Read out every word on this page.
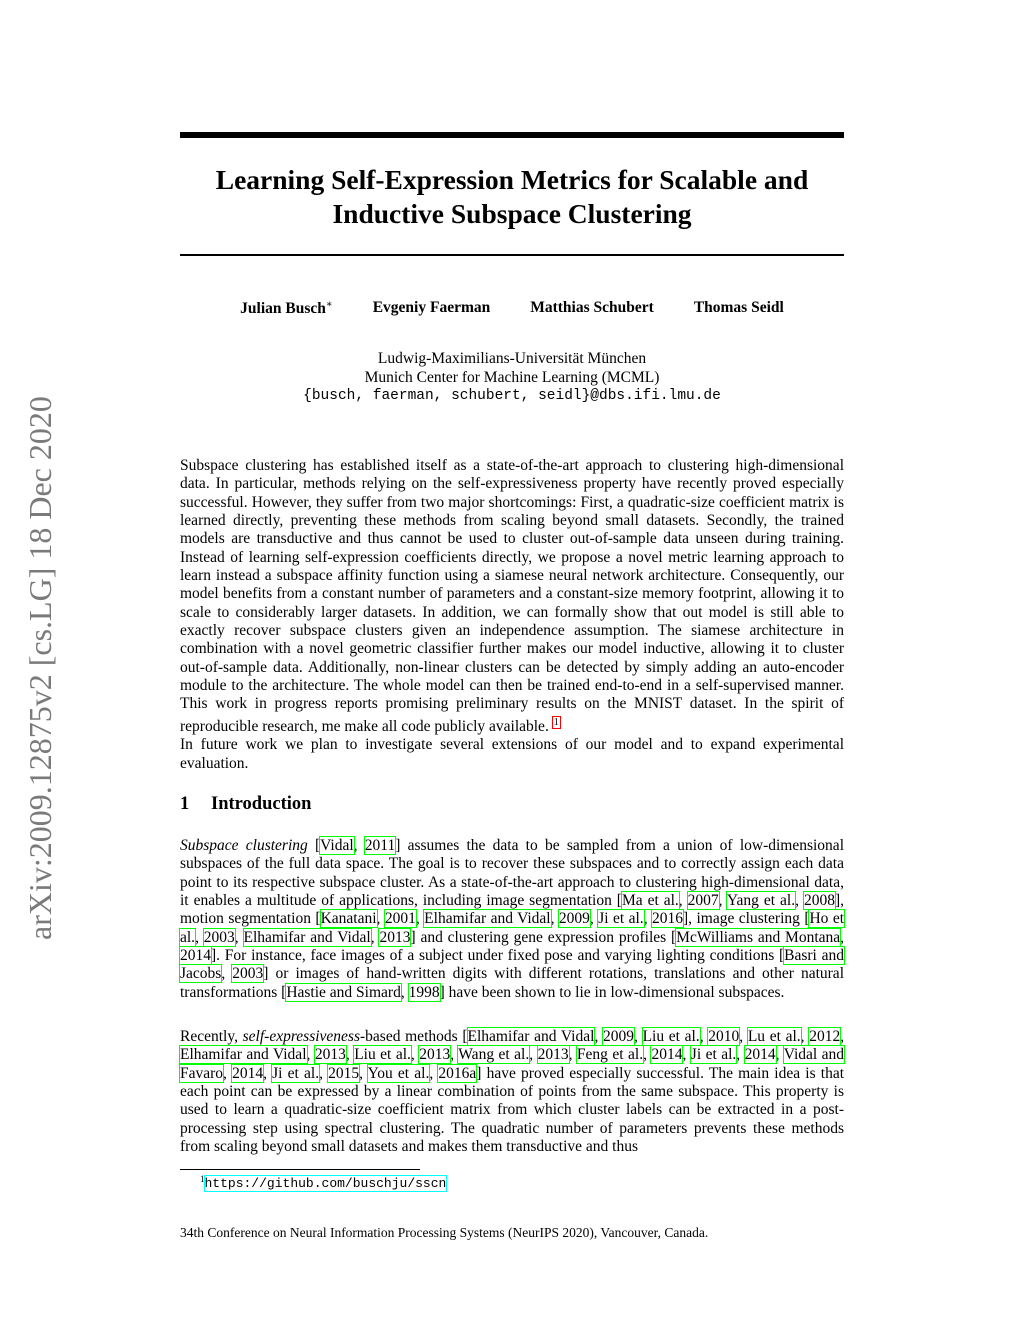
arXiv:2009.12875v2 [cs.LG] 18 Dec 2020
Learning Self-Expression Metrics for Scalable and Inductive Subspace Clustering
Julian Busch∗	Evgeniy Faerman	Matthias Schubert	Thomas Seidl
Ludwig-Maximilians-Universität München
Munich Center for Machine Learning (MCML)
{busch, faerman, schubert, seidl}@dbs.ifi.lmu.de

Subspace clustering has established itself as a state-of-the-art approach to clustering high-dimensional data. In particular, methods relying on the self-expressiveness property have recently proved especially successful. However, they suffer from two major shortcomings: First, a quadratic-size coefficient matrix is learned directly, preventing these methods from scaling beyond small datasets. Secondly, the trained models are transductive and thus cannot be used to cluster out-of-sample data unseen during training. Instead of learning self-expression coefficients directly, we propose a novel metric learning approach to learn instead a subspace affinity function using a siamese neural network architecture. Consequently, our model benefits from a constant number of parameters and a constant-size memory footprint, allowing it to scale to considerably larger datasets. In addition, we can formally show that out model is still able to exactly recover subspace clusters given an independence assumption. The siamese architecture in combination with a novel geometric classifier further makes our model inductive, allowing it to cluster out-of-sample data. Additionally, non-linear clusters can be detected by simply adding an auto-encoder module to the architecture. The whole model can then be trained end-to-end in a self-supervised manner. This work in progress reports promising preliminary results on the MNIST dataset. In the spirit of reproducible research, me make all code publicly available. $^1$
In future work we plan to investigate several extensions of our model and to expand experimental evaluation.

1 Introduction

Subspace clustering [Vidal, 2011] assumes the data to be sampled from a union of low-dimensional subspaces of the full data space. The goal is to recover these subspaces and to correctly assign each data point to its respective subspace cluster. As a state-of-the-art approach to clustering high-dimensional data, it enables a multitude of applications, including image segmentation [Ma et al., 2007, Yang et al., 2008], motion segmentation [Kanatani, 2001, Elhamifar and Vidal, 2009, Ji et al., 2016], image clustering [Ho et al., 2003, Elhamifar and Vidal, 2013] and clustering gene expression profiles [McWilliams and Montana, 2014]. For instance, face images of a subject under fixed pose and varying lighting conditions [Basri and Jacobs, 2003] or images of hand-written digits with different rotations, translations and other natural transformations [Hastie and Simard, 1998] have been shown to lie in low-dimensional subspaces.

Recently, self-expressiveness-based methods [Elhamifar and Vidal, 2009, Liu et al., 2010, Lu et al., 2012, Elhamifar and Vidal, 2013, Liu et al., 2013, Wang et al., 2013, Feng et al., 2014, Ji et al., 2014, Vidal and Favaro, 2014, Ji et al., 2015, You et al., 2016a] have proved especially successful. The main idea is that each point can be expressed by a linear combination of points from the same subspace. This property is used to learn a quadratic-size coefficient matrix from which cluster labels can be extracted in a post-processing step using spectral clustering. The quadratic number of parameters prevents these methods from scaling beyond small datasets and makes them transductive and thus

$^1$https://github.com/buschju/sscn
34th Conference on Neural Information Processing Systems (NeurIPS 2020), Vancouver, Canada.
